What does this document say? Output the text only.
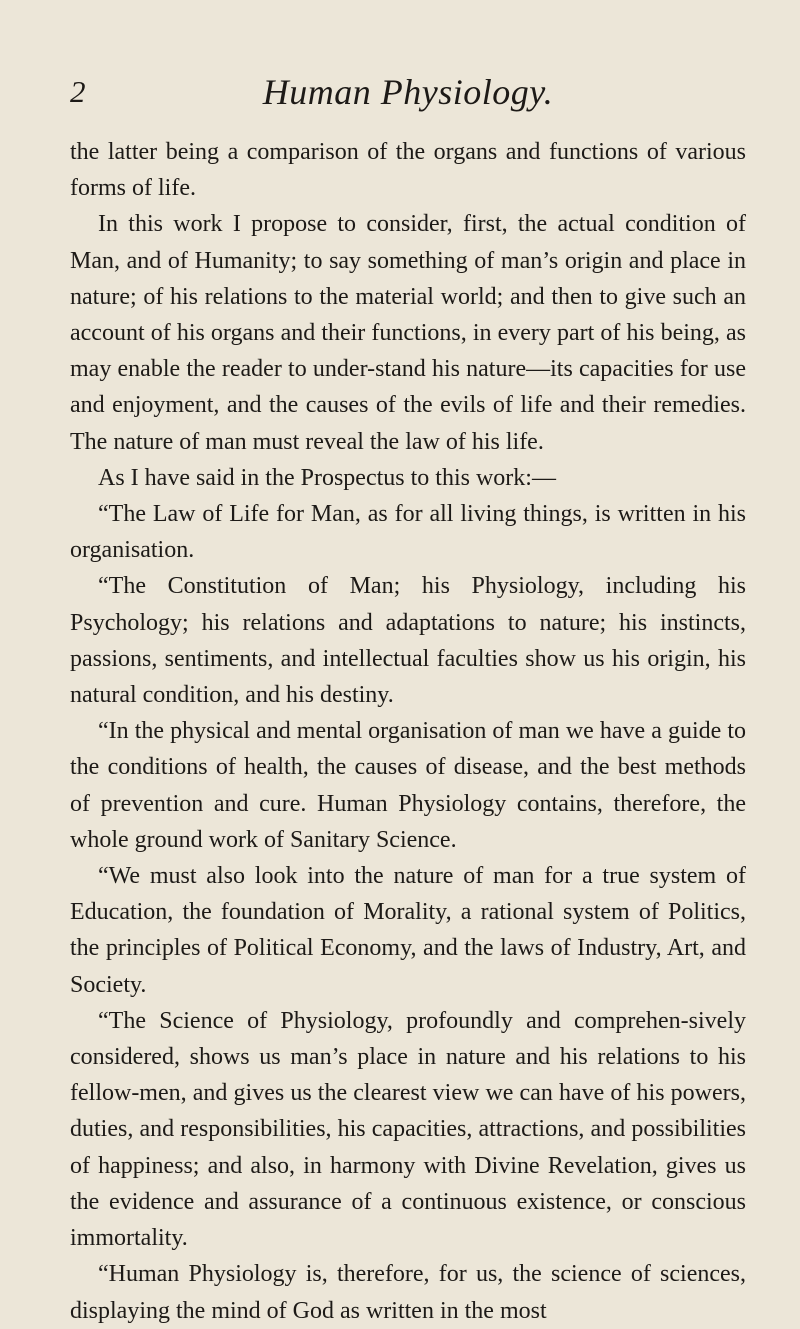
2	Human Physiology.

the latter being a comparison of the organs and functions of various forms of life.

In this work I propose to consider, first, the actual condition of Man, and of Humanity; to say something of man’s origin and place in nature; of his relations to the material world; and then to give such an account of his organs and their functions, in every part of his being, as may enable the reader to under-stand his nature—its capacities for use and enjoyment, and the causes of the evils of life and their remedies. The nature of man must reveal the law of his life.

As I have said in the Prospectus to this work:—

“The Law of Life for Man, as for all living things, is written in his organisation.

“The Constitution of Man; his Physiology, including his Psychology; his relations and adaptations to nature; his instincts, passions, sentiments, and intellectual faculties show us his origin, his natural condition, and his destiny.

“In the physical and mental organisation of man we have a guide to the conditions of health, the causes of disease, and the best methods of prevention and cure. Human Physiology contains, therefore, the whole ground work of Sanitary Science.

“We must also look into the nature of man for a true system of Education, the foundation of Morality, a rational system of Politics, the principles of Political Economy, and the laws of Industry, Art, and Society.

“The Science of Physiology, profoundly and comprehen-sively considered, shows us man’s place in nature and his relations to his fellow-men, and gives us the clearest view we can have of his powers, duties, and responsibilities, his capacities, attractions, and possibilities of happiness; and also, in harmony with Divine Revelation, gives us the evidence and assurance of a continuous existence, or conscious immortality.

“Human Physiology is, therefore, for us, the science of sciences, displaying the mind of God as written in the most
